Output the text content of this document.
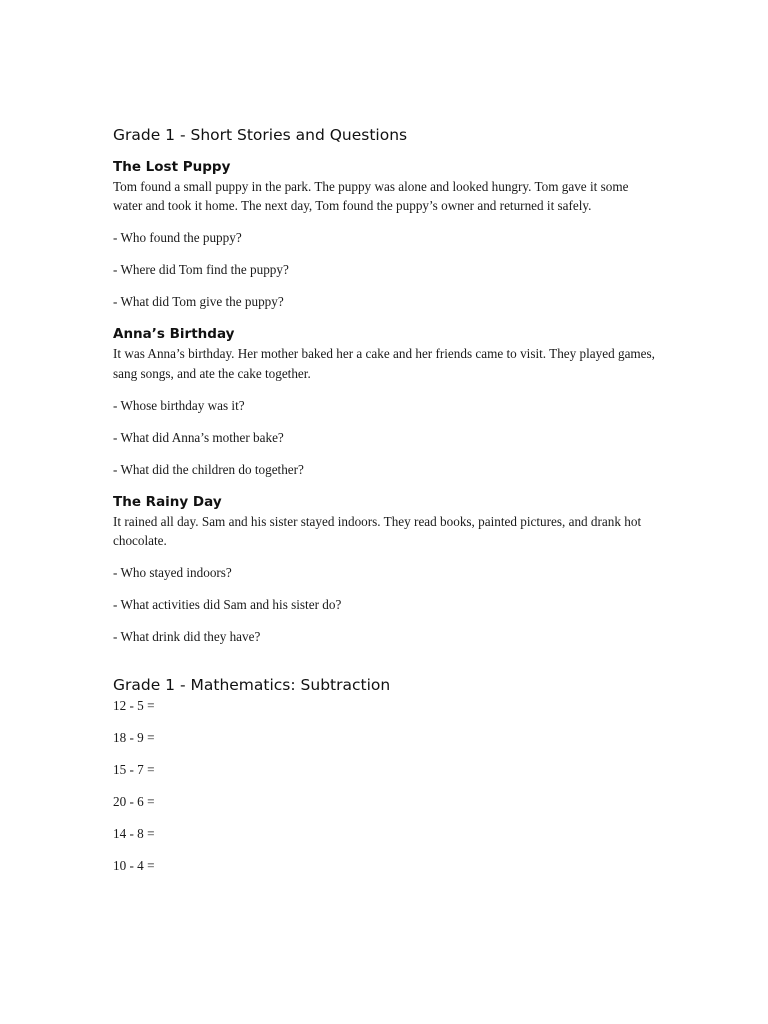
Grade 1 - Short Stories and Questions
The Lost Puppy

Tom found a small puppy in the park. The puppy was alone and looked hungry. Tom gave it some water and took it home. The next day, Tom found the puppy’s owner and returned it safely.

- Who found the puppy?

- Where did Tom find the puppy?

- What did Tom give the puppy?

Anna’s Birthday

It was Anna’s birthday. Her mother baked her a cake and her friends came to visit. They played games, sang songs, and ate the cake together.

- Whose birthday was it?

- What did Anna’s mother bake?

- What did the children do together?

The Rainy Day

It rained all day. Sam and his sister stayed indoors. They read books, painted pictures, and drank hot chocolate.

- Who stayed indoors?

- What activities did Sam and his sister do?

- What drink did they have?

Grade 1 - Mathematics: Subtraction

12 - 5 =

18 - 9 =

15 - 7 =

20 - 6 =

14 - 8 =

10 - 4 =
